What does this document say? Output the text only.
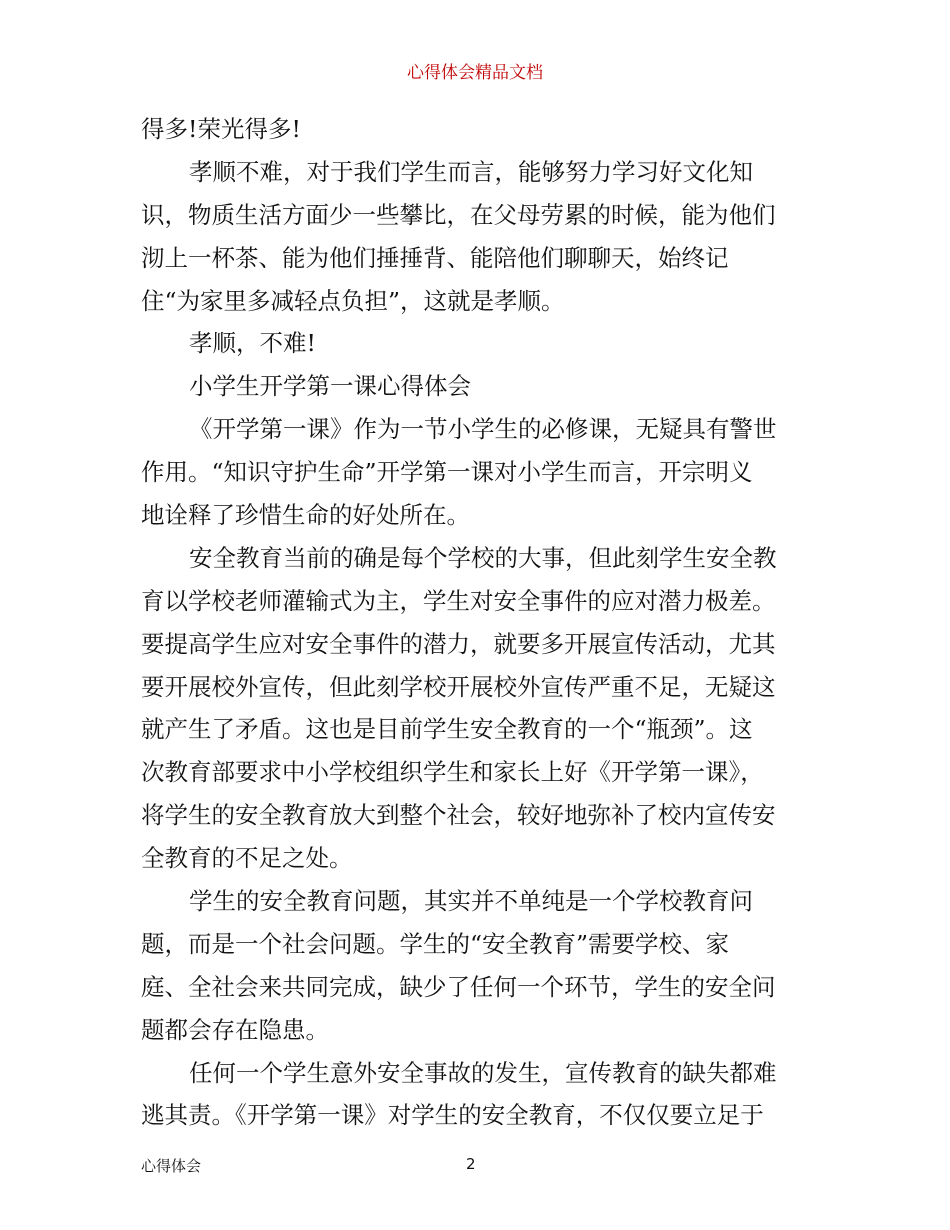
心得体会精品文档
得多!荣光得多!
孝顺不难，对于我们学生而言，能够努力学习好文化知
识，物质生活方面少一些攀比，在父母劳累的时候，能为他们
沏上一杯茶、能为他们捶捶背、能陪他们聊聊天，始终记
住“为家里多减轻点负担”，这就是孝顺。
孝顺，不难!
小学生开学第一课心得体会
《开学第一课》作为一节小学生的必修课，无疑具有警世
作用。“知识守护生命”开学第一课对小学生而言，开宗明义
地诠释了珍惜生命的好处所在。
安全教育当前的确是每个学校的大事，但此刻学生安全教
育以学校老师灌输式为主，学生对安全事件的应对潜力极差。
要提高学生应对安全事件的潜力，就要多开展宣传活动，尤其
要开展校外宣传，但此刻学校开展校外宣传严重不足，无疑这
就产生了矛盾。这也是目前学生安全教育的一个“瓶颈”。这
次教育部要求中小学校组织学生和家长上好《开学第一课》，
将学生的安全教育放大到整个社会，较好地弥补了校内宣传安
全教育的不足之处。
学生的安全教育问题，其实并不单纯是一个学校教育问
题，而是一个社会问题。学生的“安全教育”需要学校、家
庭、全社会来共同完成，缺少了任何一个环节，学生的安全问
题都会存在隐患。
任何一个学生意外安全事故的发生，宣传教育的缺失都难
逃其责。《开学第一课》对学生的安全教育，不仅仅要立足于
心得体会	2
